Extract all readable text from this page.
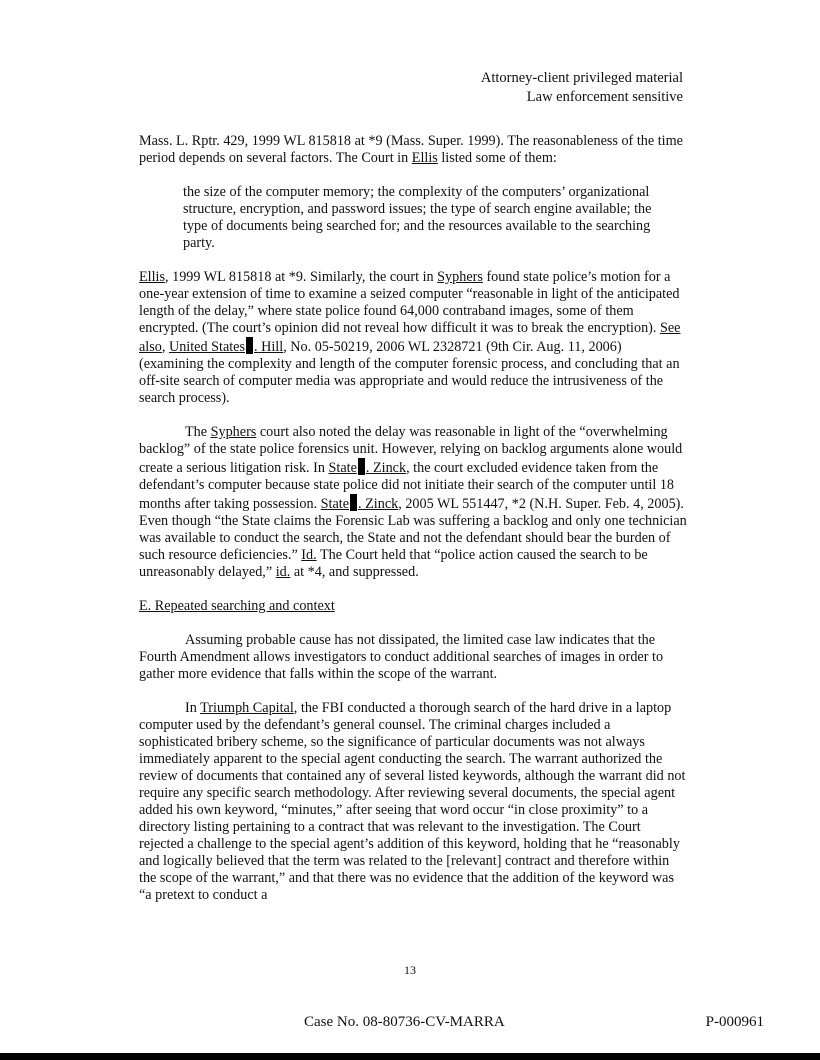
Attorney-client privileged material
Law enforcement sensitive

Mass. L. Rptr. 429, 1999 WL 815818 at *9 (Mass. Super. 1999). The reasonableness of the time period depends on several factors. The Court in Ellis listed some of them:

the size of the computer memory; the complexity of the computers’ organizational structure, encryption, and password issues; the type of search engine available; the type of documents being searched for; and the resources available to the searching party.

Ellis, 1999 WL 815818 at *9. Similarly, the court in Syphers found state police’s motion for a one-year extension of time to examine a seized computer “reasonable in light of the anticipated length of the delay,” where state police found 64,000 contraband images, some of them encrypted. (The court’s opinion did not reveal how difficult it was to break the encryption). See also, United States . Hill, No. 05-50219, 2006 WL 2328721 (9th Cir. Aug. 11, 2006) (examining the complexity and length of the computer forensic process, and concluding that an off-site search of computer media was appropriate and would reduce the intrusiveness of the search process).

The Syphers court also noted the delay was reasonable in light of the “overwhelming backlog” of the state police forensics unit. However, relying on backlog arguments alone would create a serious litigation risk. In State . Zinck, the court excluded evidence taken from the defendant’s computer because state police did not initiate their search of the computer until 18 months after taking possession. State . Zinck, 2005 WL 551447, *2 (N.H. Super. Feb. 4, 2005). Even though “the State claims the Forensic Lab was suffering a backlog and only one technician was available to conduct the search, the State and not the defendant should bear the burden of such resource deficiencies.” Id. The Court held that “police action caused the search to be unreasonably delayed,” id. at *4, and suppressed.

E. Repeated searching and context

Assuming probable cause has not dissipated, the limited case law indicates that the Fourth Amendment allows investigators to conduct additional searches of images in order to gather more evidence that falls within the scope of the warrant.

In Triumph Capital, the FBI conducted a thorough search of the hard drive in a laptop computer used by the defendant’s general counsel. The criminal charges included a sophisticated bribery scheme, so the significance of particular documents was not always immediately apparent to the special agent conducting the search. The warrant authorized the review of documents that contained any of several listed keywords, although the warrant did not require any specific search methodology. After reviewing several documents, the special agent added his own keyword, “minutes,” after seeing that word occur “in close proximity” to a directory listing pertaining to a contract that was relevant to the investigation. The Court rejected a challenge to the special agent’s addition of this keyword, holding that he “reasonably and logically believed that the term was related to the [relevant] contract and therefore within the scope of the warrant,” and that there was no evidence that the addition of the keyword was “a pretext to conduct a

13
Case No. 08-80736-CV-MARRA	P-000961
